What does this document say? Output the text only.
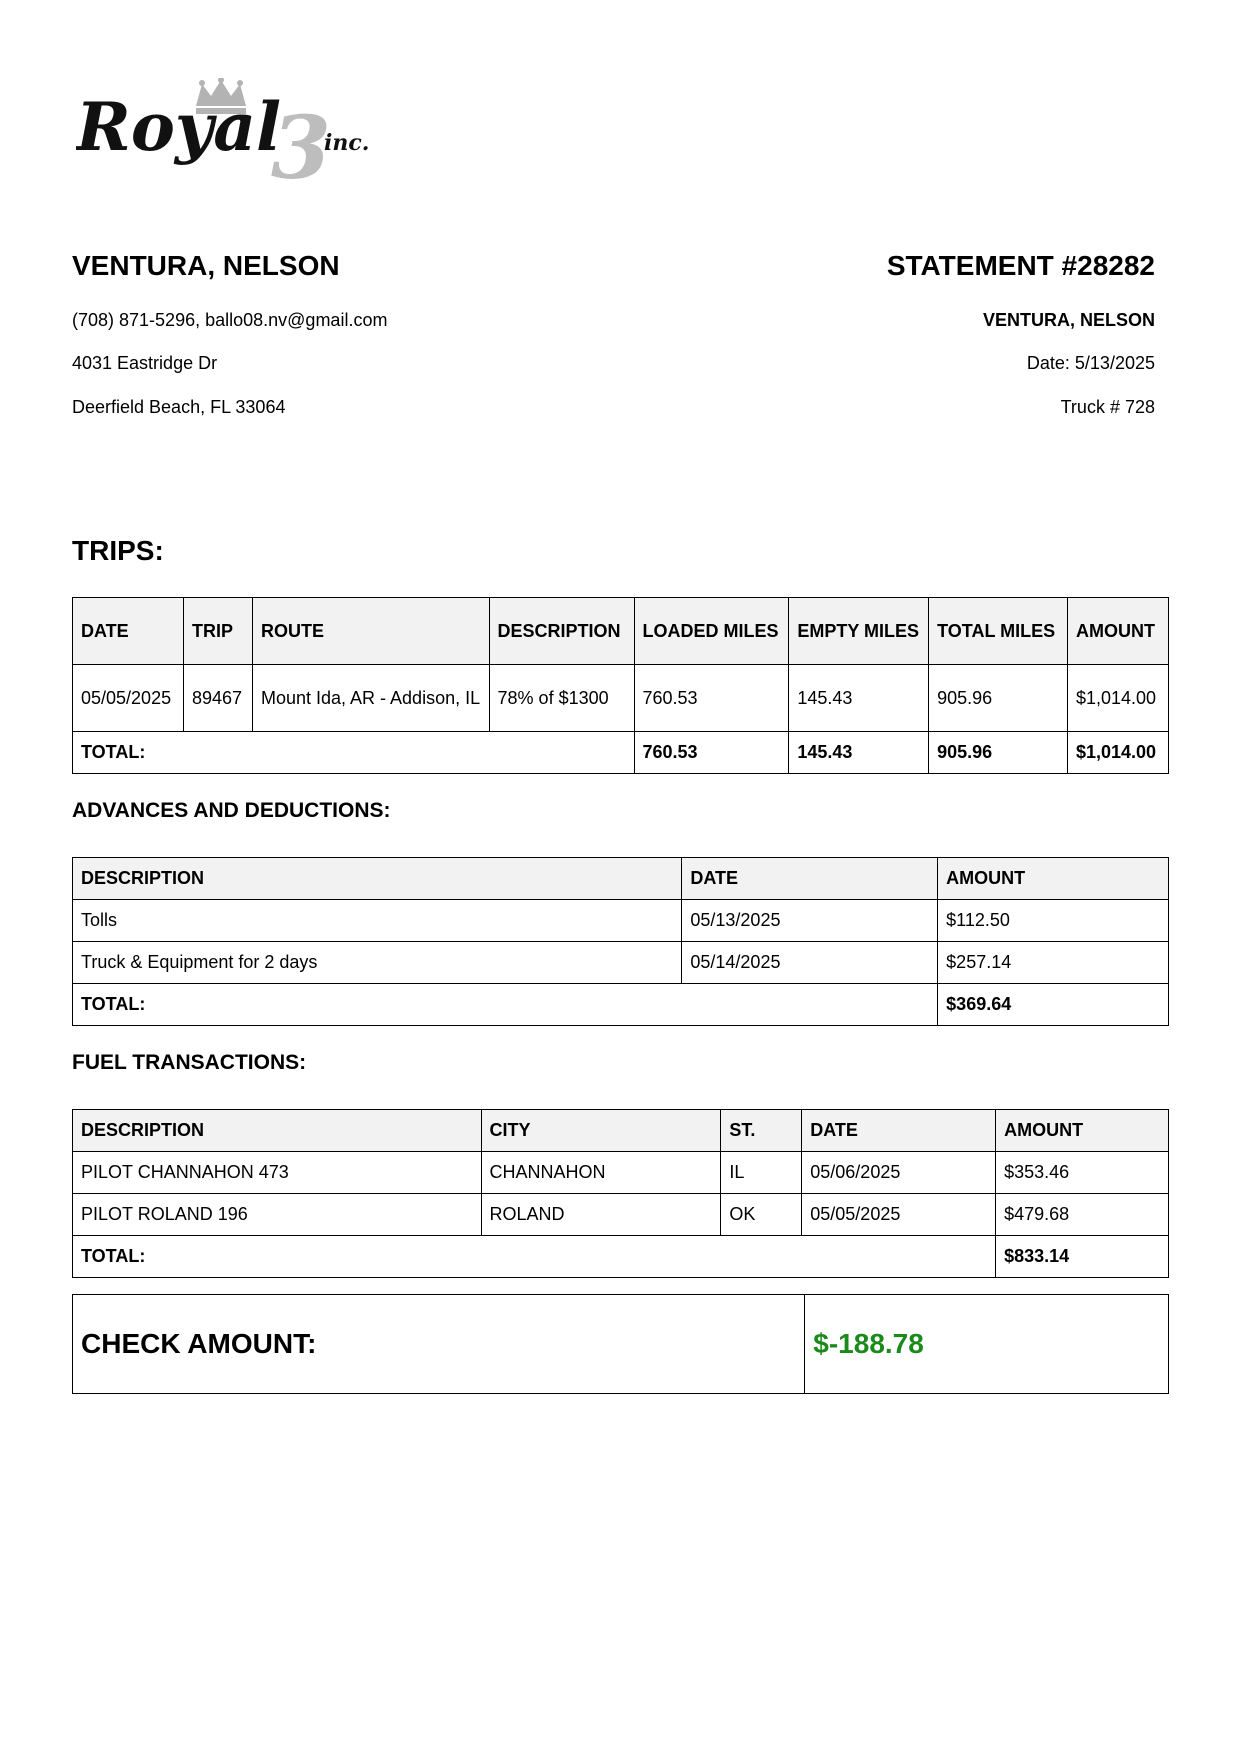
3
Royal inc.
VENTURA, NELSON
(708) 871-5296, ballo08.nv@gmail.com
4031 Eastridge Dr
Deerfield Beach, FL 33064
STATEMENT #28282
VENTURA, NELSON
Date: 5/13/2025
Truck # 728
TRIPS:
DATE	TRIP	ROUTE	DESCRIPTION	LOADED MILES	EMPTY MILES	TOTAL MILES	AMOUNT
05/05/2025	89467	Mount Ida, AR - Addison, IL	78% of $1300	760.53	145.43	905.96	$1,014.00
TOTAL:				760.53	145.43	905.96	$1,014.00
ADVANCES AND DEDUCTIONS:
DESCRIPTION	DATE	AMOUNT
Tolls	05/13/2025	$112.50
Truck & Equipment for 2 days	05/14/2025	$257.14
TOTAL:		$369.64
FUEL TRANSACTIONS:
DESCRIPTION	CITY	ST.	DATE	AMOUNT
PILOT CHANNAHON 473	CHANNAHON	IL	05/06/2025	$353.46
PILOT ROLAND 196	ROLAND	OK	05/05/2025	$479.68
TOTAL:				$833.14
CHECK AMOUNT:	$-188.78
